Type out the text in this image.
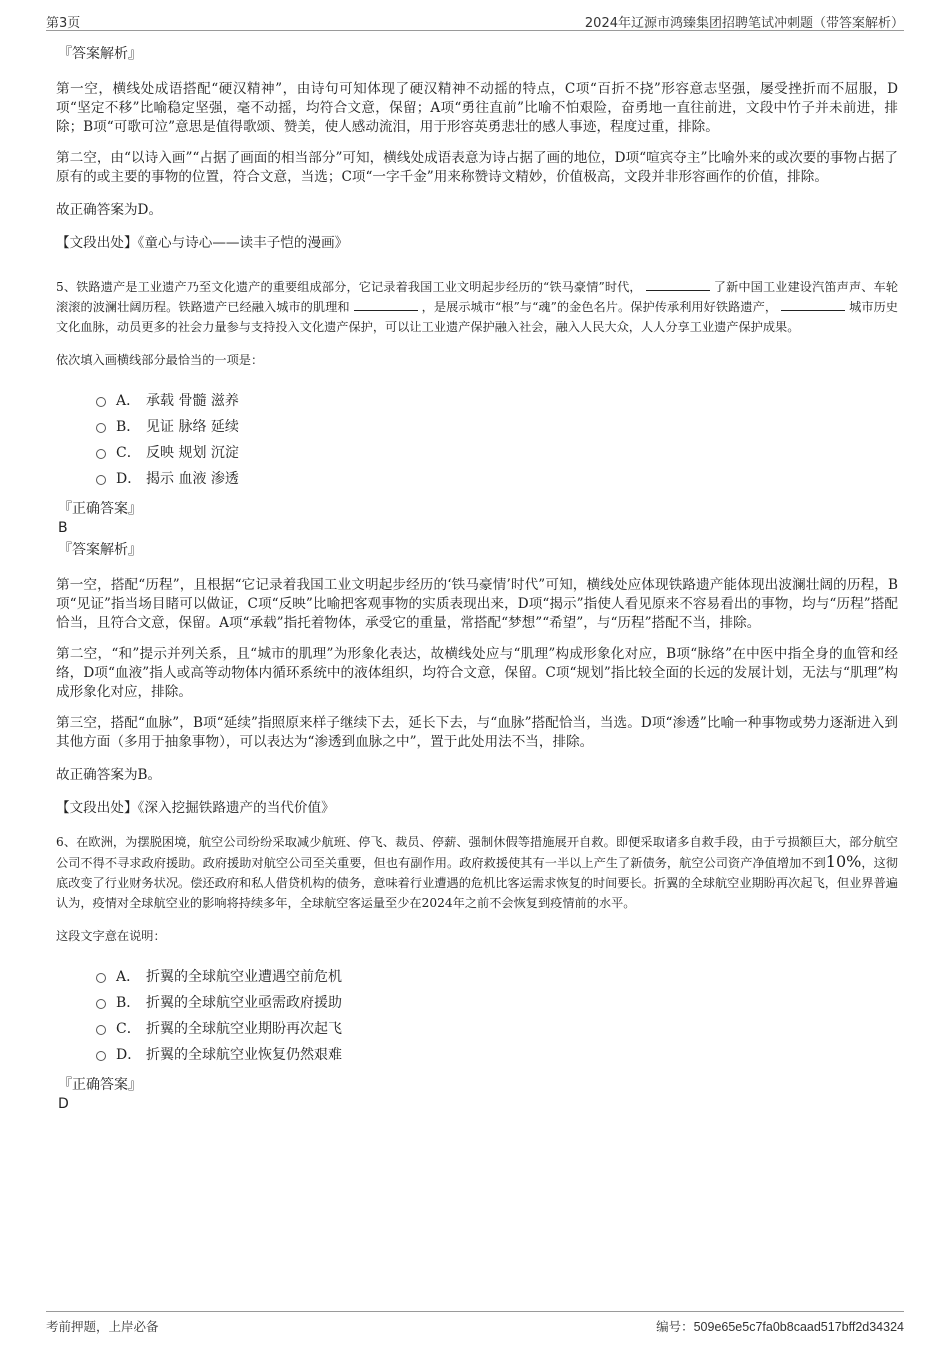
第3页	2024年辽源市鸿臻集团招聘笔试冲刺题（带答案解析）

『答案解析』

第一空，横线处成语搭配“硬汉精神”，由诗句可知体现了硬汉精神不动摇的特点，C项“百折不挠”形容意志坚强，屡受挫折而不屈服，D项“坚定不移”比喻稳定坚强，毫不动摇，均符合文意，保留；A项“勇往直前”比喻不怕艰险，奋勇地一直往前进，文段中竹子并未前进，排除；B项“可歌可泣”意思是值得歌颂、赞美，使人感动流泪，用于形容英勇悲壮的感人事迹，程度过重，排除。

第二空，由“以诗入画”“占据了画面的相当部分”可知，横线处成语表意为诗占据了画的地位，D项“喧宾夺主”比喻外来的或次要的事物占据了原有的或主要的事物的位置，符合文意，当选；C项“一字千金”用来称赞诗文精妙，价值极高，文段并非形容画作的价值，排除。

故正确答案为D。

【文段出处】《童心与诗心——读丰子恺的漫画》

5、铁路遗产是工业遗产乃至文化遗产的重要组成部分，它记录着我国工业文明起步经历的“铁马豪情”时代，	了新中国工业建设汽笛声声、车轮滚滚的波澜壮阔历程。铁路遗产已经融入城市的肌理和	，是展示城市“根”与“魂”的金色名片。保护传承利用好铁路遗产，	城市历史文化血脉，动员更多的社会力量参与支持投入文化遗产保护，可以让工业遗产保护融入社会，融入人民大众，人人分享工业遗产保护成果。

依次填入画横线部分最恰当的一项是：

A． 承载 骨髓 滋养
B． 见证 脉络 延续
C． 反映 规划 沉淀
D． 揭示 血液 渗透

『正确答案』

B

『答案解析』

第一空，搭配“历程”，且根据“它记录着我国工业文明起步经历的‘铁马豪情’时代”可知，横线处应体现铁路遗产能体现出波澜壮阔的历程，B项“见证”指当场目睹可以做证，C项“反映”比喻把客观事物的实质表现出来，D项“揭示”指使人看见原来不容易看出的事物，均与“历程”搭配恰当，且符合文意，保留。A项“承载”指托着物体，承受它的重量，常搭配“梦想”“希望”，与“历程”搭配不当，排除。

第二空，“和”提示并列关系，且“城市的肌理”为形象化表达，故横线处应与“肌理”构成形象化对应，B项“脉络”在中医中指全身的血管和经络，D项“血液”指人或高等动物体内循环系统中的液体组织，均符合文意，保留。C项“规划”指比较全面的长远的发展计划，无法与“肌理”构成形象化对应，排除。

第三空，搭配“血脉”，B项“延续”指照原来样子继续下去，延长下去，与“血脉”搭配恰当，当选。D项“渗透”比喻一种事物或势力逐渐进入到其他方面（多用于抽象事物），可以表达为“渗透到血脉之中”，置于此处用法不当，排除。

故正确答案为B。

【文段出处】《深入挖掘铁路遗产的当代价值》

6、在欧洲，为摆脱困境，航空公司纷纷采取减少航班、停飞、裁员、停薪、强制休假等措施展开自救。即便采取诸多自救手段，由于亏损额巨大，部分航空公司不得不寻求政府援助。政府援助对航空公司至关重要，但也有副作用。政府救援使其有一半以上产生了新债务，航空公司资产净值增加不到10%，这彻底改变了行业财务状况。偿还政府和私人借贷机构的债务，意味着行业遭遇的危机比客运需求恢复的时间要长。折翼的全球航空业期盼再次起飞，但业界普遍认为，疫情对全球航空业的影响将持续多年，全球航空客运量至少在2024年之前不会恢复到疫情前的水平。

这段文字意在说明：

A． 折翼的全球航空业遭遇空前危机
B． 折翼的全球航空业亟需政府援助
C． 折翼的全球航空业期盼再次起飞
D． 折翼的全球航空业恢复仍然艰难

『正确答案』

D

考前押题，上岸必备	编号：509e65e5c7fa0b8caad517bff2d34324
